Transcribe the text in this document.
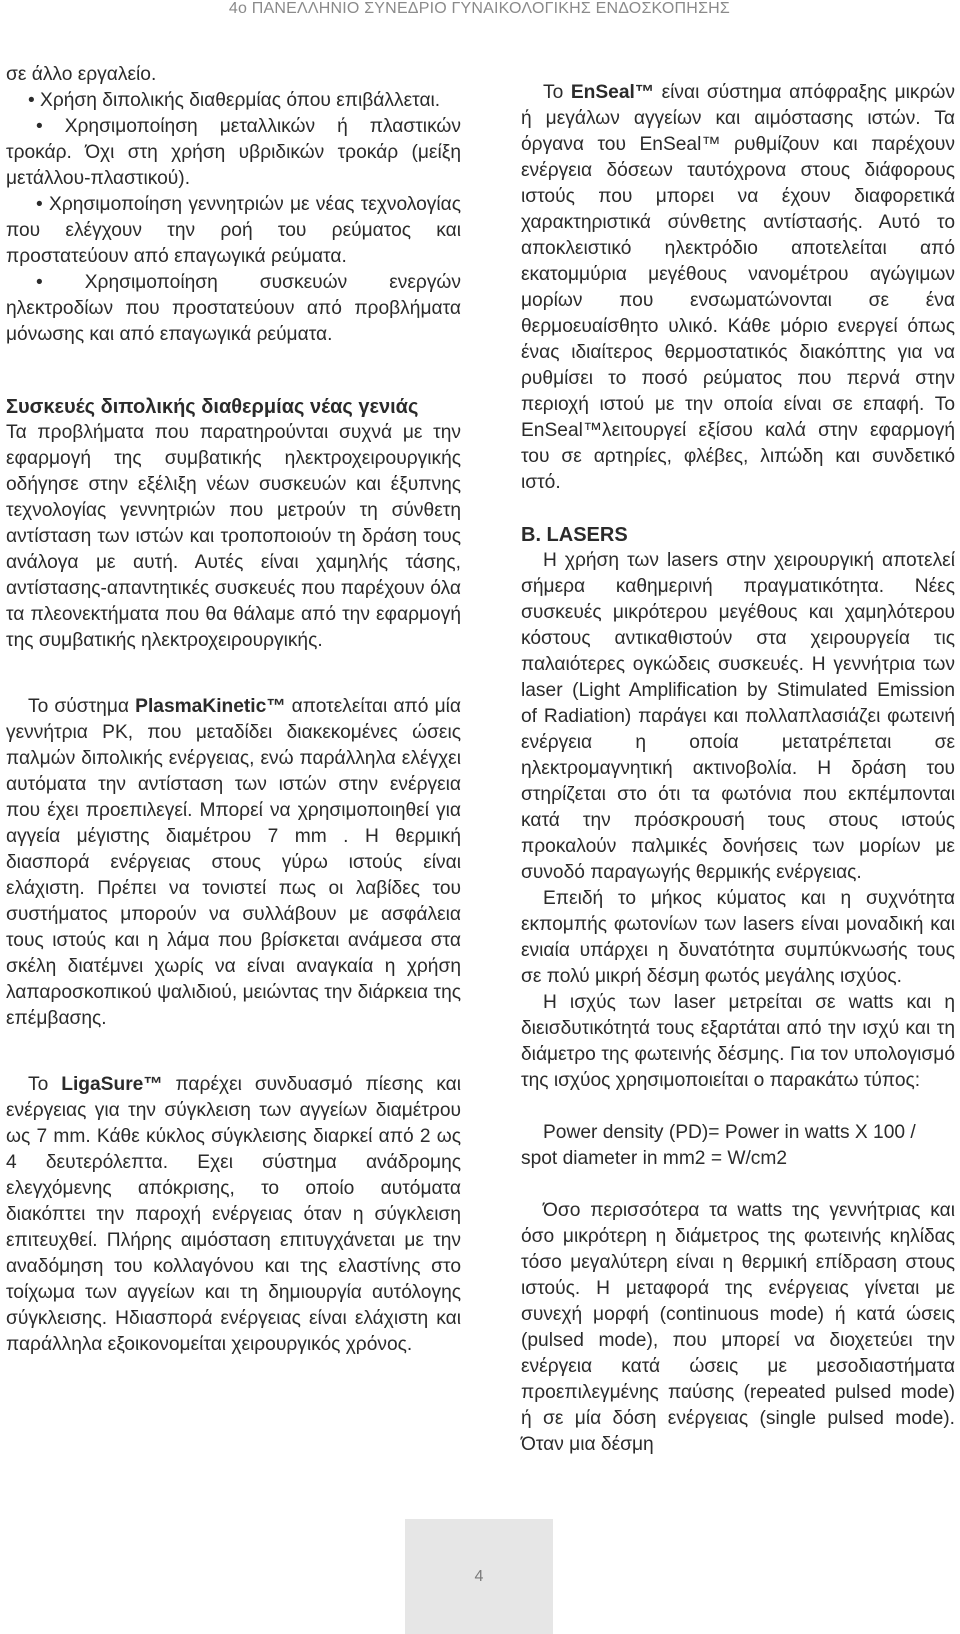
4ο ΠΑΝΕΛΛΗΝΙΟ ΣΥΝΕΔΡΙΟ ΓΥΝΑΙΚΟΛΟΓΙΚΗΣ ΕΝΔΟΣΚΟΠΗΣΗΣ

σε άλλο εργαλείο.

• Χρήση διπολικής διαθερμίας όπου επιβάλλεται.

• Χρησιμοποίηση μεταλλικών ή πλαστικών τροκάρ. Όχι στη χρήση υβριδικών τροκάρ (μείξη μετάλλου-πλαστικού).

• Χρησιμοποίηση γεννητριών με νέας τεχνολογίας που ελέγχουν την ροή του ρεύματος και προστατεύουν από επαγωγικά ρεύματα.

• Χρησιμοποίηση συσκευών ενεργών ηλεκτροδίων που προστατεύουν από προβλήματα μόνωσης και από επαγωγικά ρεύματα.

Συσκευές διπολικής διαθερμίας νέας γενιάς

Τα προβλήματα που παρατηρούνται συχνά με την εφαρμογή της συμβατικής ηλεκτροχειρουργικής οδήγησε στην εξέλιξη νέων συσκευών και έξυπνης τεχνολογίας γεννητριών που μετρούν τη σύνθετη αντίσταση των ιστών και τροποποιούν τη δράση τους ανάλογα με αυτή. Αυτές είναι χαμηλής τάσης, αντίστασης-απαντητικές συσκευές που παρέχουν όλα τα πλεονεκτήματα που θα θάλαμε από την εφαρμογή της συμβατικής ηλεκτροχειρουργικής.

Το σύστημα PlasmaKinetic™ αποτελείται από μία γεννήτρια PK, που μεταδίδει διακεκομένες ώσεις παλμών διπολικής ενέργειας, ενώ παράλληλα ελέγχει αυτόματα την αντίσταση των ιστών στην ενέργεια που έχει προεπιλεγεί. Μπορεί να χρησιμοποιηθεί για αγγεία μέγιστης διαμέτρου 7 mm . Η θερμική διασπορά ενέργειας στους γύρω ιστούς είναι ελάχιστη. Πρέπει να τονιστεί πως οι λαβίδες του συστήματος μπορούν να συλλάβουν με ασφάλεια τους ιστούς και η λάμα που βρίσκεται ανάμεσα στα σκέλη διατέμνει χωρίς να είναι αναγκαία η χρήση λαπαροσκοπικού ψαλιδιού, μειώντας την διάρκεια της επέμβασης.

Το LigaSure™ παρέχει συνδυασμό πίεσης και ενέργειας για την σύγκλειση των αγγείων διαμέτρου ως 7 mm. Κάθε κύκλος σύγκλεισης διαρκεί από 2 ως 4 δευτερόλεπτα. Εχει σύστημα ανάδρομης ελεγχόμενης απόκρισης, το οποίο αυτόματα διακόπτει την παροχή ενέργειας όταν η σύγκλειση επιτευχθεί. Πλήρης αιμόσταση επιτυγχάνεται με την αναδόμηση του κολλαγόνου και της ελαστίνης στο τοίχωμα των αγγείων και τη δημιουργία αυτόλογης σύγκλεισης. Ηδιασπορά ενέργειας είναι ελάχιστη και παράλληλα εξοικονομείται χειρουργικός χρόνος.

Το EnSeal™ είναι σύστημα απόφραξης μικρών ή μεγάλων αγγείων και αιμόστασης ιστών. Τα όργανα του EnSeal™ ρυθμίζουν και παρέχουν ενέργεια δόσεων ταυτόχρονα στους διάφορους ιστούς που μπορει να έχουν διαφορετικά χαρακτηριστικά σύνθετης αντίστασής. Αυτό το αποκλειστικό ηλεκτρόδιο αποτελείται από εκατομμύρια μεγέθους νανομέτρου αγώγιμων μορίων που ενσωματώνονται σε ένα θερμοευαίσθητο υλικό. Κάθε μόριο ενεργεί όπως ένας ιδιαίτερος θερμοστατικός διακόπτης για να ρυθμίσει το ποσό ρεύματος που περνά στην περιοχή ιστού με την οποία είναι σε επαφή. Το EnSeal™λειτουργεί εξίσου καλά στην εφαρμογή του σε αρτηρίες, φλέβες, λιπώδη και συνδετικό ιστό.

Β. LASERS

Η χρήση των lasers στην χειρουργική αποτελεί σήμερα καθημερινή πραγματικότητα. Νέες συσκευές μικρότερου μεγέθους και χαμηλότερου κόστους αντικαθιστούν στα χειρουργεία τις παλαιότερες ογκώδεις συσκευές. Η γεννήτρια των laser (Light Amplification by Stimulated Emission of Radiation) παράγει και πολλαπλασιάζει φωτεινή ενέργεια η οποία μετατρέπεται σε ηλεκτρομαγνητική ακτινοβολία. Η δράση του στηρίζεται στο ότι τα φωτόνια που εκπέμπονται κατά την πρόσκρουσή τους στους ιστούς προκαλούν παλμικές δονήσεις των μορίων με συνοδό παραγωγής θερμικής ενέργειας.

Επειδή το μήκος κύματος και η συχνότητα εκπομπής φωτονίων των lasers είναι μοναδική και ενιαία υπάρχει η δυνατότητα συμπύκνωσής τους σε πολύ μικρή δέσμη φωτός μεγάλης ισχύος.

Η ισχύς των laser μετρείται σε watts και η διεισδυτικότητά τους εξαρτάται από την ισχύ και τη διάμετρο της φωτεινής δέσμης. Για τον υπολογισμό της ισχύος χρησιμοποιείται ο παρακάτω τύπος:

Power density (PD)= Power in watts X 100 / spot diameter in mm2 = W/cm2

Όσο περισσότερα τα watts της γεννήτριας και όσο μικρότερη η διάμετρος της φωτεινής κηλίδας τόσο μεγαλύτερη είναι η θερμική επίδραση στους ιστούς. Η μεταφορά της ενέργειας γίνεται με συνεχή μορφή (continuous mode) ή κατά ώσεις (pulsed mode), που μπορεί να διοχετεύει την ενέργεια κατά ώσεις με μεσοδιαστήματα προεπιλεγμένης παύσης (repeated pulsed mode) ή σε μία δόση ενέργειας (single pulsed mode). Όταν μια δέσμη

4
